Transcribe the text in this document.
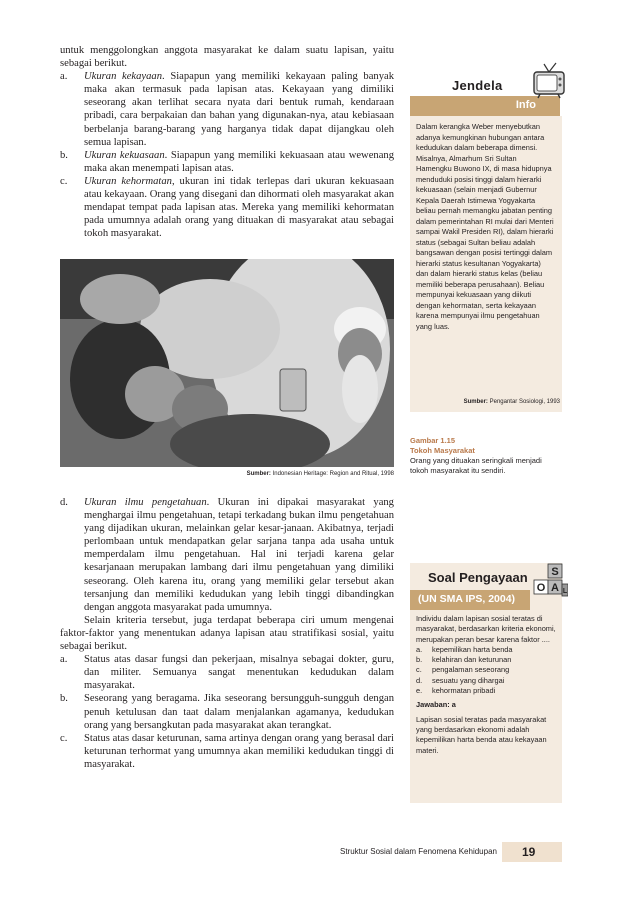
untuk menggolongkan anggota masyarakat ke dalam suatu lapisan, yaitu sebagai berikut.

a. Ukuran kekayaan. Siapapun yang memiliki kekayaan paling banyak maka akan termasuk pada lapisan atas. Kekayaan yang dimiliki seseorang akan terlihat secara nyata dari bentuk rumah, kendaraan pribadi, cara berpakaian dan bahan yang digunakan-nya, atau kebiasaan berbelanja barang-barang yang harganya tidak dapat dijangkau oleh semua lapisan.

b. Ukuran kekuasaan. Siapapun yang memiliki kekuasaan atau wewenang maka akan menempati lapisan atas.

c. Ukuran kehormatan, ukuran ini tidak terlepas dari ukuran kekuasaan atau kekayaan. Orang yang disegani dan dihormati oleh masyarakat akan mendapat tempat pada lapisan atas. Mereka yang memiliki kehormatan pada umumnya adalah orang yang dituakan di masyarakat atau sebagai tokoh masyarakat.

Sumber: Indonesian Heritage: Region and Ritual, 1998

d. Ukuran ilmu pengetahuan. Ukuran ini dipakai masyarakat yang menghargai ilmu pengetahuan, tetapi terkadang bukan ilmu pengetahuan yang dijadikan ukuran, melainkan gelar kesar-janaan. Akibatnya, terjadi perlombaan untuk mendapatkan gelar sarjana tanpa ada usaha untuk memperdalam ilmu pengetahuan. Hal ini terjadi karena gelar kesarjanaan merupakan lambang dari ilmu pengetahuan yang dimiliki seseorang. Oleh karena itu, orang yang memiliki gelar tersebut akan tersanjung dan memiliki kedudukan yang lebih tinggi dibandingkan dengan anggota masyarakat pada umumnya.

Selain kriteria tersebut, juga terdapat beberapa ciri umum mengenai faktor-faktor yang menentukan adanya lapisan atau stratifikasi sosial, yaitu sebagai berikut.

a. Status atas dasar fungsi dan pekerjaan, misalnya sebagai dokter, guru, dan militer. Semuanya sangat menentukan kedudukan dalam masyarakat.

b. Seseorang yang beragama. Jika seseorang bersungguh-sungguh dengan penuh ketulusan dan taat dalam menjalankan agamanya, kedudukan orang yang bersangkutan pada masyarakat akan terangkat.

c. Status atas dasar keturunan, sama artinya dengan orang yang berasal dari keturunan terhormat yang umumnya akan memiliki kedudukan tinggi di masyarakat.

Jendela
Info

Dalam kerangka Weber menyebutkan adanya kemungkinan hubungan antara kedudukan dalam beberapa dimensi. Misalnya, Almarhum Sri Sultan Hamengku Buwono IX, di masa hidupnya menduduki posisi tinggi dalam hierarki kekuasaan (selain menjadi Gubernur Kepala Daerah Istimewa Yogyakarta beliau pernah memangku jabatan penting dalam pemerintahan RI mulai dari Menteri sampai Wakil Presiden RI), dalam hierarki status (sebagai Sultan beliau adalah bangsawan dengan posisi tertinggi dalam hierarki status kesultanan Yogyakarta) dan dalam hierarki status kelas (beliau memiliki beberapa perusahaan). Beliau mempunyai kekuasaan yang diikuti dengan kehormatan, serta kekayaan karena mempunyai ilmu pengetahuan yang luas.

Sumber: Pengantar Sosiologi, 1993
Gambar 1.15
Tokoh Masyarakat
Orang yang dituakan seringkali menjadi tokoh masyarakat itu sendiri.
Soal Pengayaan
(UN SMA IPS, 2004)
S
O A L

Individu dalam lapisan sosial teratas di masyarakat, berdasarkan kriteria ekonomi, merupakan peran besar karena faktor ....

a. kepemilikan harta benda

b. kelahiran dan keturunan

c. pengalaman seseorang

d. sesuatu yang dihargai

e. kehormatan pribadi

Jawaban: a

Lapisan sosial teratas pada masyarakat yang berdasarkan ekonomi adalah kepemilikan harta benda atau kekayaan materi.

Struktur Sosial dalam Fenomena Kehidupan 19
